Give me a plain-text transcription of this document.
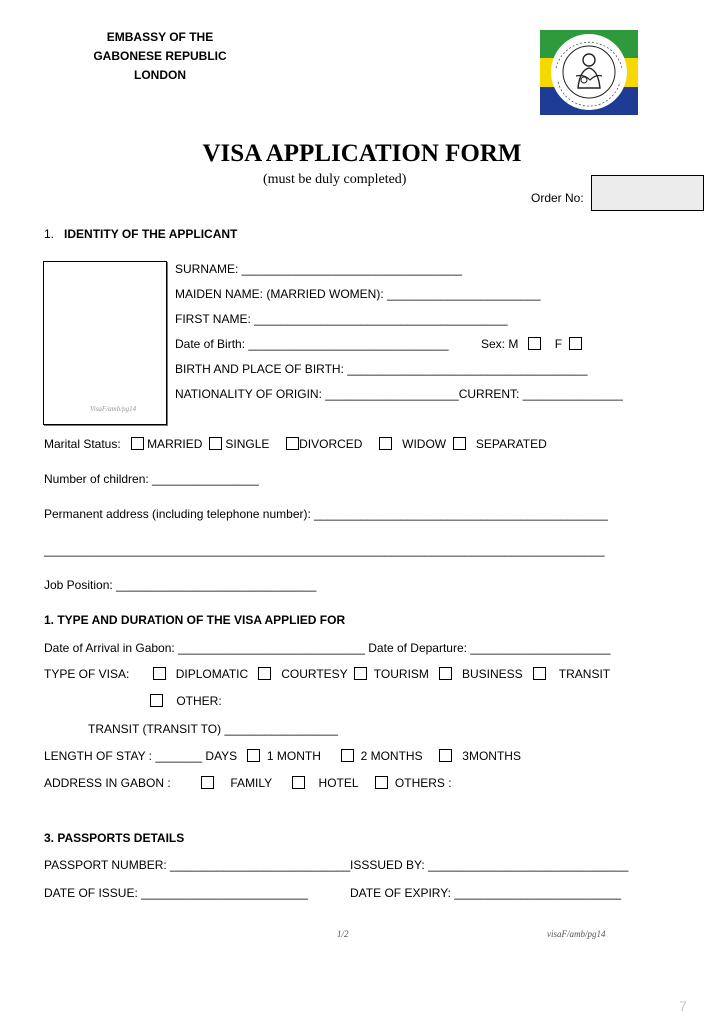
EMBASSY OF THE
GABONESE REPUBLIC
LONDON
VISA APPLICATION FORM
(must be duly completed)
Order No:
1. IDENTITY OF THE APPLICANT
VisaF/amb/pg14
SURNAME: _________________________________
MAIDEN NAME: (MARRIED WOMEN): _______________________
FIRST NAME: ______________________________________
Date of Birth: ______________________________	Sex: M	F
BIRTH AND PLACE OF BIRTH: ____________________________________
NATIONALITY OF ORIGIN: ____________________CURRENT: _______________
Marital Status: MARRIED SINGLE DIVORCED	WIDOW SEPARATED
Number of children: ________________
Permanent address (including telephone number): ____________________________________________
____________________________________________________________________________________
Job Position: ______________________________
1. TYPE AND DURATION OF THE VISA APPLIED FOR
Date of Arrival in Gabon: ____________________________ Date of Departure: _____________________
TYPE OF VISA:	DIPLOMATIC	COURTESY TOURISM	BUSINESS	TRANSIT
OTHER:
TRANSIT (TRANSIT TO) _________________
LENGTH OF STAY : _______ DAYS 1 MONTH	2 MONTHS	3MONTHS
ADDRESS IN GABON :	FAMILY	HOTEL	OTHERS :
3. PASSPORTS DETAILS
PASSPORT NUMBER: ___________________________ ISSSUED BY: ______________________________
DATE OF ISSUE: _________________________	DATE OF EXPIRY: _________________________
1/2	visaF/amb/pg14
7
